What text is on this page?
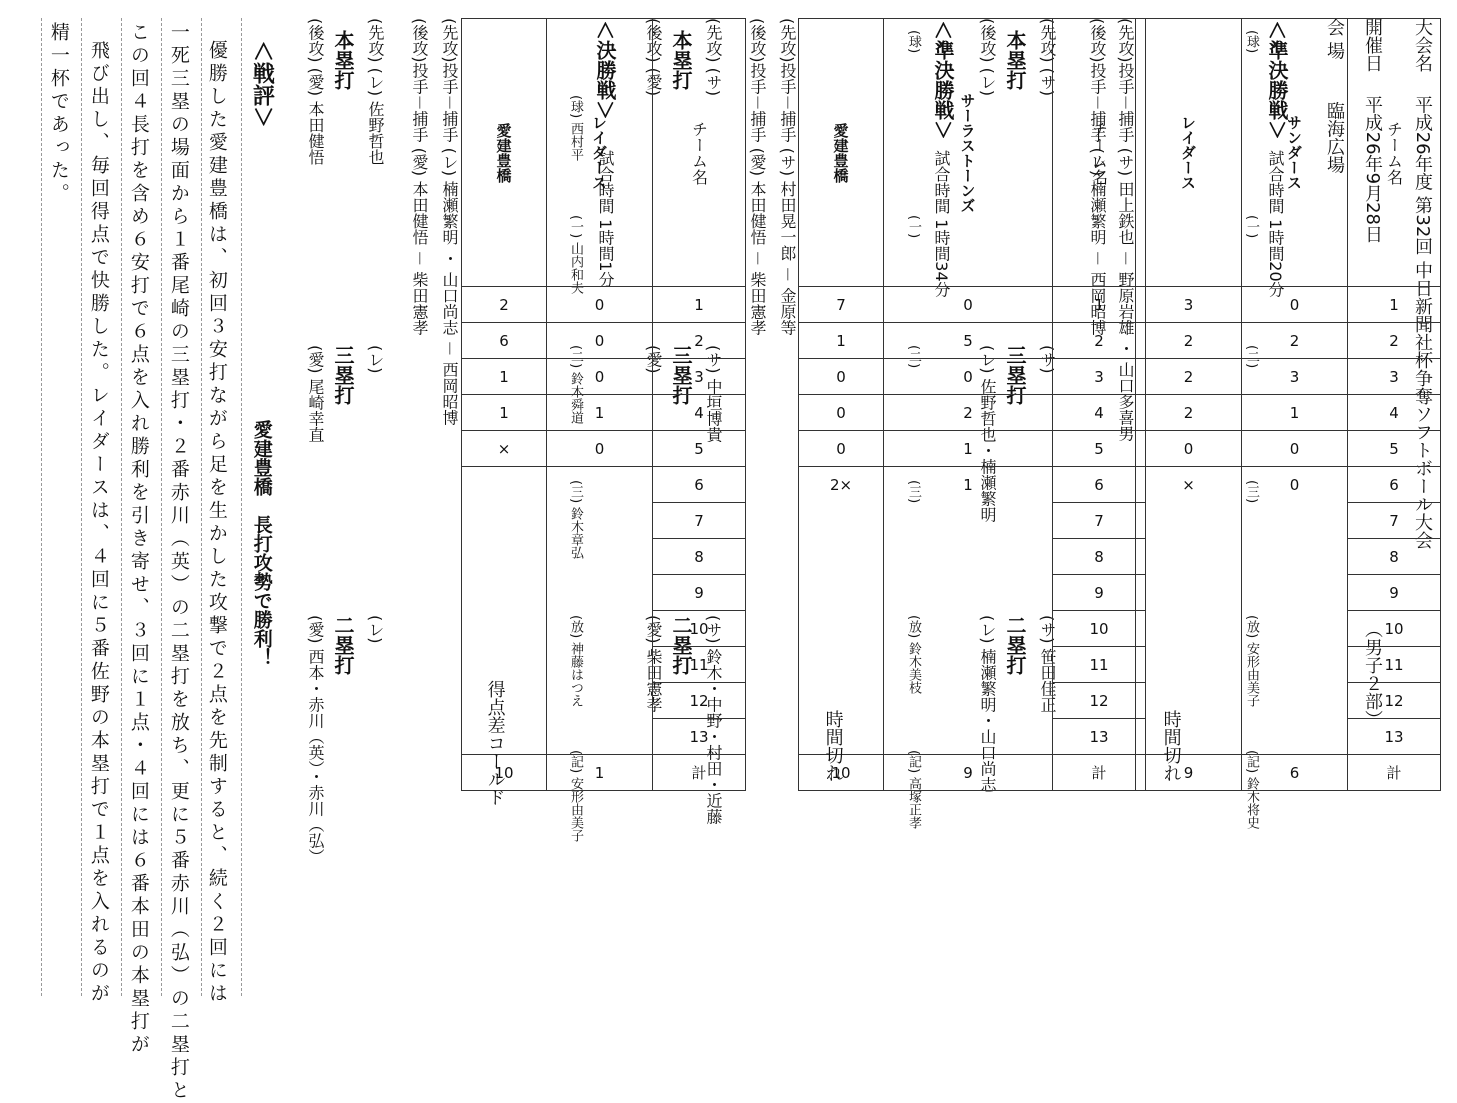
大会名　 平成26年度 第32回 中日新聞社杯争奪ソフトボール大会
（男子２部）
開催日　 平成26年9月28日
会 場　　 臨海広場
＜準決勝戦＞
試合時間 1時間20分
(球)
(一)
(二)
(三)
(放) 安形由美子
(記) 鈴木将史
レイダース	サンダース	チーム名
3	0	1
2	2	2
2	3	3
2	1	4
0	0	5
×	0	6
		7
		8
		9
		10
		11
		12
		13
9	6	計
時間切れ
(先攻)投手－捕手 (サ) 田上鉄也 － 野原岩雄 ・ 山口多喜男
(後攻)投手－捕手 (レ) 楠瀬繁明 － 西岡昭博
(先攻) (サ)
本塁打
(後攻) (レ)
(サ)
三塁打
(レ) 佐野哲也・楠瀬繁明
(サ) 笹田佳正
二塁打
(レ) 楠瀬繁明・山口尚志
＜準決勝戦＞
試合時間 1時間34分
(球)
(一)
(二)
(三)
(放) 鈴木美枝
(記) 高塚正孝
愛建豊橋	サーラストーンズ	チーム名
7	0	1
1	5	2
0	0	3
0	2	4
0	1	5
2×	1	6
		7
		8
		9
		10
		11
		12
		13
10	9	計
時間切れ
(先攻)投手－捕手 (サ) 村田晃一郎 － 金原等
(後攻)投手－捕手 (愛) 本田健悟 － 柴田憲孝
(先攻) (サ)
本塁打
(後攻) (愛)
(サ) 中垣博貴
三塁打
(愛)
(サ) 鈴木・中野・村田・近藤
二塁打
(愛) 柴田憲孝
＜決勝戦＞
試合時間 1時間1分
(球) 西村平
(一) 山内和夫
(二) 鈴木舜道
(三) 鈴木章弘
(放) 神藤はつえ
(記) 安形由美子
愛建豊橋	レイダース	チーム名
2	0	1
6	0	2
1	0	3
1	1	4
×	0	5
		6
		7
		8
		9
		10
		11
		12
		13
10	1	計
得点差コールド
(先攻)投手－捕手 (レ) 楠瀬繁明 ・ 山口尚志 － 西岡昭博
(後攻)投手－捕手 (愛) 本田健悟 － 柴田憲孝
(先攻) (レ) 佐野哲也
本塁打
(後攻) (愛) 本田健悟
(レ)
三塁打
(愛) 尾崎幸直
(レ)
二塁打
(愛) 西本・赤川（英）・赤川（弘）
＜戦評＞
愛建豊橋　長打攻勢で勝利！
優勝した愛建豊橋は、初回３安打ながら足を生かした攻撃で２点を先制すると、続く２回には
一死三塁の場面から１番尾崎の三塁打・２番赤川（英）の二塁打を放ち、更に５番赤川（弘）の二塁打と
この回４長打を含め６安打で６点を入れ勝利を引き寄せ、３回に１点・４回には６番本田の本塁打が
飛び出し、毎回得点で快勝した。レイダースは、４回に５番佐野の本塁打で１点を入れるのが
精一杯であった。
